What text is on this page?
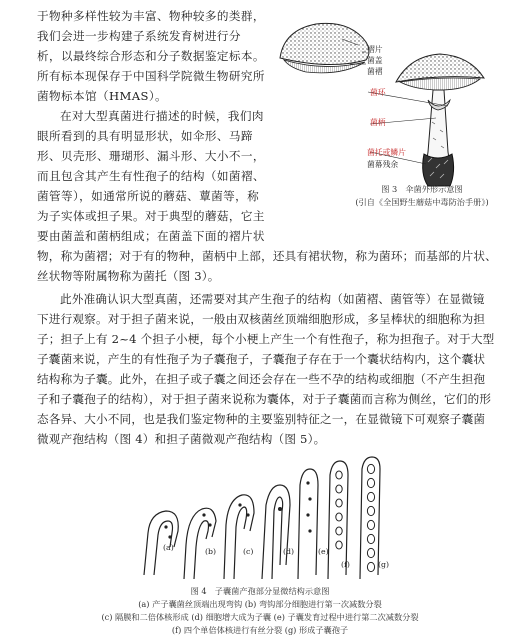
于物种多样性较为丰富、物种较多的类群，
我们会进一步构建子系统发育树进行分
析，以最终综合形态和分子数据鉴定标本。
所有标本现保存于中国科学院微生物研究所
菌物标本馆（HMAS）。
在对大型真菌进行描述的时候，我们肉
眼所看到的具有明显形状，如伞形、马蹄
形、贝壳形、珊瑚形、漏斗形、大小不一，
而且包含其产生有性孢子的结构（如菌褶、
菌管等），如通常所说的蘑菇、蕈菌等，称
为子实体或担子果。对于典型的蘑菇，它主
要由菌盖和菌柄组成；在菌盖下面的褶片状
物，称为菌褶；对于有的物种，菌柄中上部，还具有裙状物，称为菌环；而基部的片状、
丝状物等附属物称为菌托（图 3）。
此外准确认识大型真菌，还需要对其产生孢子的结构（如菌褶、菌管等）在显微镜
下进行观察。对于担子菌来说，一般由双核菌丝顶端细胞形成，多呈棒状的细胞称为担
子；担子上有 2~4 个担子小梗，每个小梗上产生一个有性孢子，称为担孢子。对于大型
子囊菌来说，产生的有性孢子为子囊孢子，子囊孢子存在于一个囊状结构内，这个囊状
结构称为子囊。此外，在担子或子囊之间还会存在一些不孕的结构或细胞（不产生担孢
子和子囊孢子的结构），对于担子菌来说称为囊体，对于子囊菌而言称为侧丝，它们的形
态各异、大小不同，也是我们鉴定物种的主要鉴别特征之一，在显微镜下可观察子囊菌
微观产孢结构（图 4）和担子菌微观产孢结构（图 5）。
褶片
菌盖
菌褶
菌环
菌柄
菌托或鳞片
菌幕残余
图 3　伞菌外形示意图
(引自《全国野生蘑菇中毒防治手册》)
(a)	(b)	(c)	(d)	(e)
(f)	(g)
图 4　子囊菌产孢部分显微结构示意图
(a) 产子囊菌丝顶端出现弯钩 (b) 弯钩部分细胞进行第一次减数分裂
(c) 隔膜和二倍体核形成 (d) 细胞增大成为子囊 (e) 子囊发育过程中进行第二次减数分裂
(f) 四个单倍体核进行有丝分裂 (g) 形成子囊孢子
